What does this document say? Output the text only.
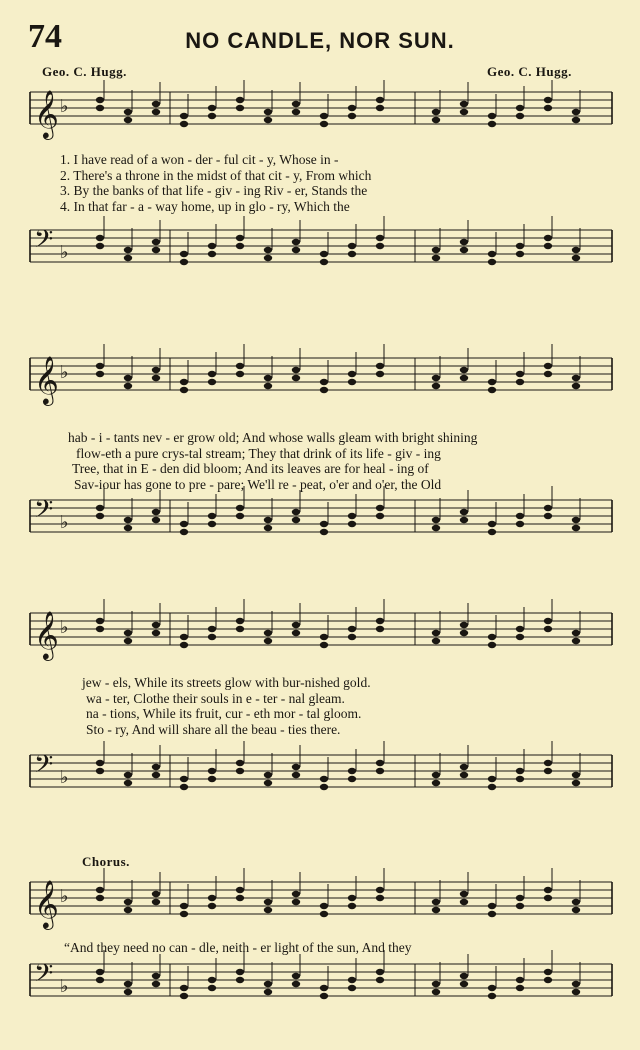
74	NO CANDLE, NOR SUN.
Geo. C. Hugg.	Geo. C. Hugg.
𝄞 ♭
𝄢 ♭
1. I have read of a won - der - ful cit - y, Whose in -
2. There's a throne in the midst of that cit - y, From which
3. By the banks of that life - giv - ing Riv - er, Stands the
4. In that far - a - way home, up in glo - ry, Which the
𝄞 ♭
𝄢 ♭
hab - i - tants nev - er grow old; And whose walls gleam with bright shining
flow-eth a pure crys-tal stream; They that drink of its life - giv - ing
Tree, that in E - den did bloom; And its leaves are for heal - ing of
Sav-iour has gone to pre - pare; We'll re - peat, o'er and o'er, the Old
𝄞 ♭
𝄢 ♭
jew - els, While its streets glow with bur-nished gold.
wa - ter, Clothe their souls in e - ter - nal gleam.
na - tions, While its fruit, cur - eth mor - tal gloom.
Sto - ry, And will share all the beau - ties there.
Chorus.
𝄞 ♭
𝄢 ♭
“And they need no can - dle, neith - er light of the sun, And they
